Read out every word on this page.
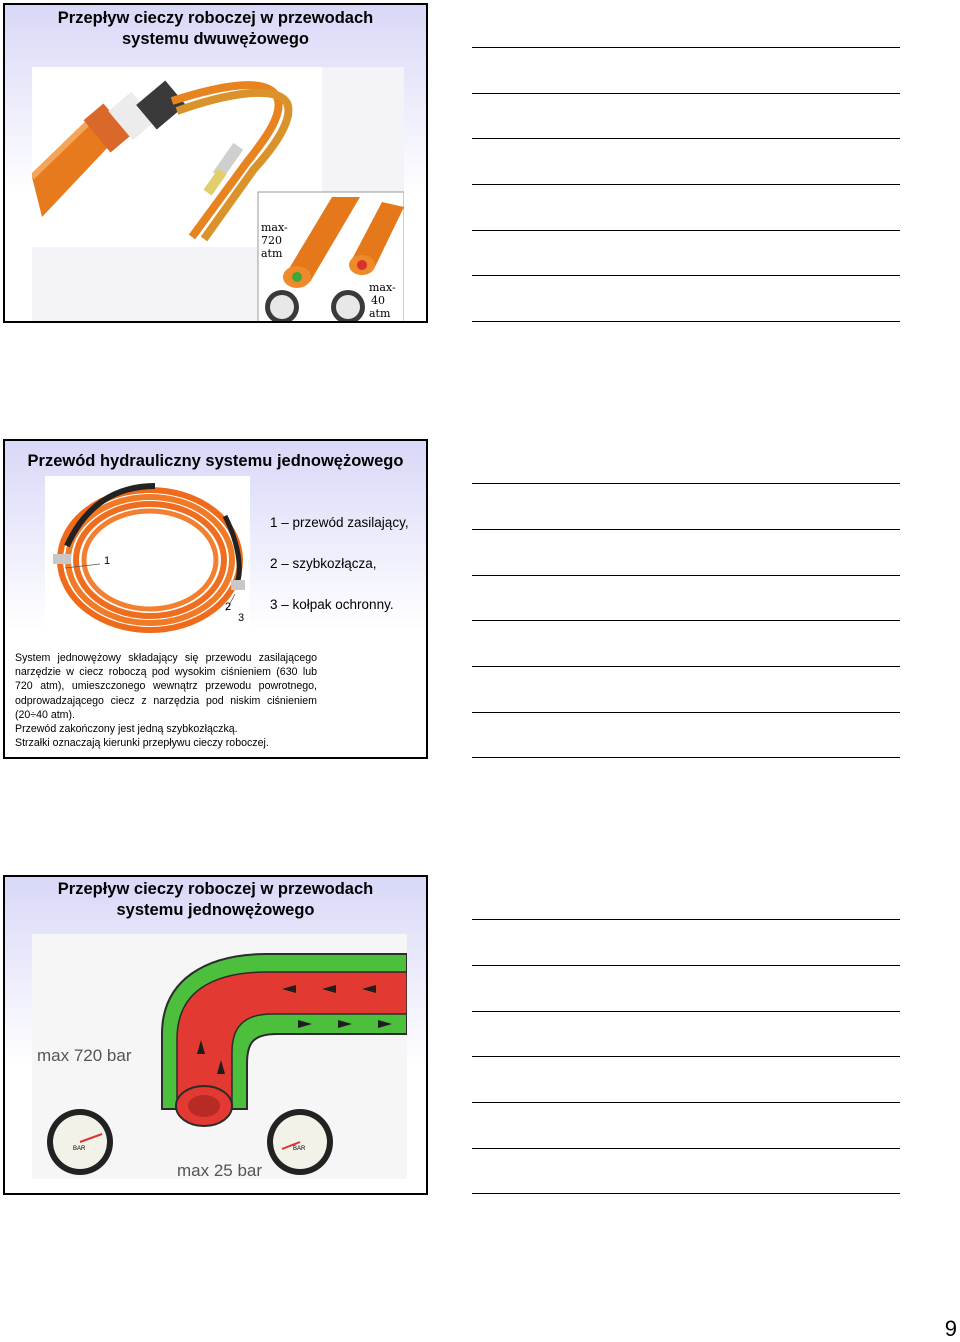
Przepływ cieczy roboczej w przewodach
systemu dwuwężowego
max-
720
atm
max-
40
atm
Przewód hydrauliczny systemu jednowężowego
1
2
3
1 – przewód zasilający,
2 – szybkozłącza,
3 – kołpak ochronny.

System jednowężowy składający się przewodu zasilającego narzędzie w ciecz roboczą pod wysokim ciśnieniem (630 lub 720 atm), umieszczonego wewnątrz przewodu powrotnego, odprowadzającego ciecz z narzędzia pod niskim ciśnieniem (20÷40 atm).

Przewód zakończony jest jedną szybkozłączką.

Strzałki oznaczają kierunki przepływu cieczy roboczej.

Przepływ cieczy roboczej w przewodach
systemu jednowężowego
max 720 bar
max 25 bar
BAR	BAR
9
